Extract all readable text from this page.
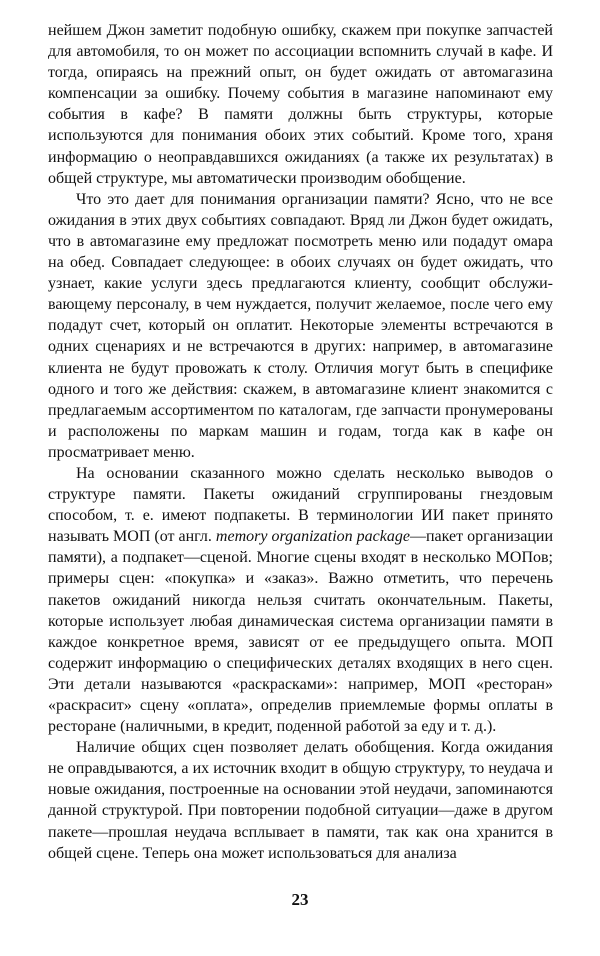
нейшем Джон заметит подобную ошибку, скажем при покупке запчастей для автомобиля, то он может по ассоциации вспомнить случай в кафе. И тогда, опираясь на прежний опыт, он будет ожидать от автомагазина компенсации за ошибку. Почему события в магазине напоминают ему события в кафе? В памяти должны быть структуры, которые используются для понимания обоих этих событий. Кроме того, храня информацию о неоправдавшихся ожиданиях (а также их результатах) в общей структуре, мы автоматически производим обобщение.

Что это дает для понимания организации памяти? Ясно, что не все ожидания в этих двух событиях совпадают. Вряд ли Джон будет ожидать, что в автомагазине ему предложат посмотреть меню или подадут омара на обед. Совпадает следующее: в обоих случаях он будет ожидать, что узнает, какие услуги здесь предлагаются клиенту, сообщит обслуживающему персоналу, в чем нуждается, получит желаемое, после чего ему подадут счет, который он оплатит. Некоторые элементы встречаются в одних сценариях и не встречаются в других: например, в автомагазине клиента не будут провожать к столу. Отличия могут быть в специфике одного и того же действия: скажем, в автомагазине клиент знакомится с предлагаемым ассортиментом по каталогам, где запчасти пронумерованы и расположены по маркам машин и годам, тогда как в кафе он просматривает меню.

На основании сказанного можно сделать несколько выводов о структуре памяти. Пакеты ожиданий сгруппированы гнездовым способом, т. е. имеют подпакеты. В терминологии ИИ пакет принято называть МОП (от англ. memory organization package—пакет организации памяти), а подпакет—сценой. Многие сцены входят в несколько МОПов; примеры сцен: «покупка» и «заказ». Важно отметить, что перечень пакетов ожиданий никогда нельзя считать окончательным. Пакеты, которые использует любая динамическая система организации памяти в каждое конкретное время, зависят от ее предыдущего опыта. МОП содержит информацию о специфических деталях входящих в него сцен. Эти детали называются «раскрасками»: например, МОП «ресторан» «раскрасит» сцену «оплата», определив приемлемые формы оплаты в ресторане (наличными, в кредит, поденной работой за еду и т. д.).

Наличие общих сцен позволяет делать обобщения. Когда ожидания не оправдываются, а их источник входит в общую структуру, то неудача и новые ожидания, построенные на основании этой неудачи, запоминаются данной структурой. При повторении подобной ситуации—даже в другом пакете—прошлая неудача всплывает в памяти, так как она хранится в общей сцене. Теперь она может использоваться для анализа

23
